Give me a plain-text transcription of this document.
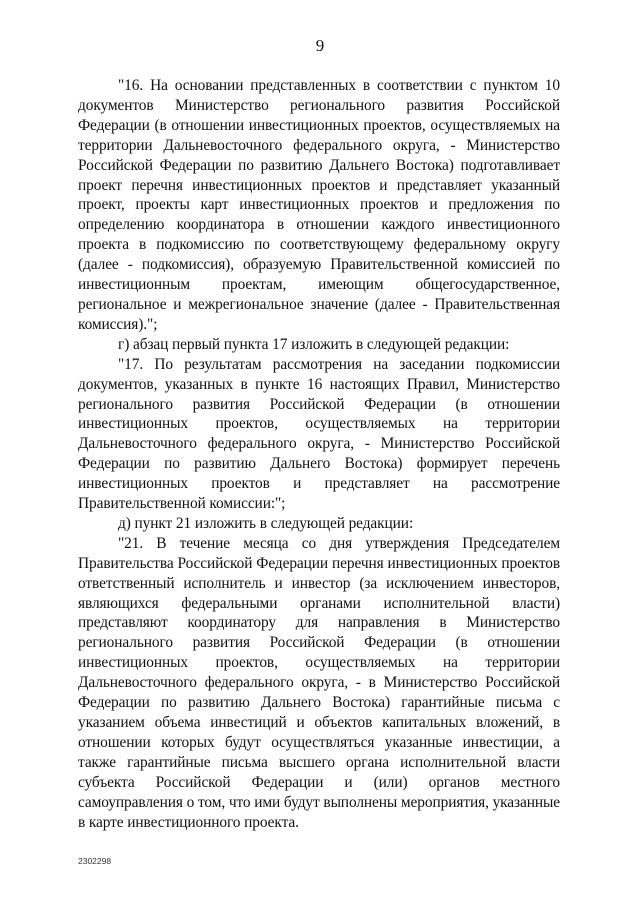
9

"16. На основании представленных в соответствии с пунктом 10 документов Министерство регионального развития Российской Федерации (в отношении инвестиционных проектов, осуществляемых на территории Дальневосточного федерального округа, - Министерство Российской Федерации по развитию Дальнего Востока) подготавливает проект перечня инвестиционных проектов и представляет указанный проект, проекты карт инвестиционных проектов и предложения по определению координатора в отношении каждого инвестиционного проекта в подкомиссию по соответствующему федеральному округу (далее - подкомиссия), образуемую Правительственной комиссией по инвестиционным проектам, имеющим общегосударственное, региональное и межрегиональное значение (далее - Правительственная комиссия).";

г) абзац первый пункта 17 изложить в следующей редакции:

"17. По результатам рассмотрения на заседании подкомиссии документов, указанных в пункте 16 настоящих Правил, Министерство регионального развития Российской Федерации (в отношении инвестиционных проектов, осуществляемых на территории Дальневосточного федерального округа, - Министерство Российской Федерации по развитию Дальнего Востока) формирует перечень инвестиционных проектов и представляет на рассмотрение Правительственной комиссии:";

д) пункт 21 изложить в следующей редакции:

"21. В течение месяца со дня утверждения Председателем Правительства Российской Федерации перечня инвестиционных проектов ответственный исполнитель и инвестор (за исключением инвесторов, являющихся федеральными органами исполнительной власти) представляют координатору для направления в Министерство регионального развития Российской Федерации (в отношении инвестиционных проектов, осуществляемых на территории Дальневосточного федерального округа, - в Министерство Российской Федерации по развитию Дальнего Востока) гарантийные письма с указанием объема инвестиций и объектов капитальных вложений, в отношении которых будут осуществляться указанные инвестиции, а также гарантийные письма высшего органа исполнительной власти субъекта Российской Федерации и (или) органов местного самоуправления о том, что ими будут выполнены мероприятия, указанные в карте инвестиционного проекта.

2302298
